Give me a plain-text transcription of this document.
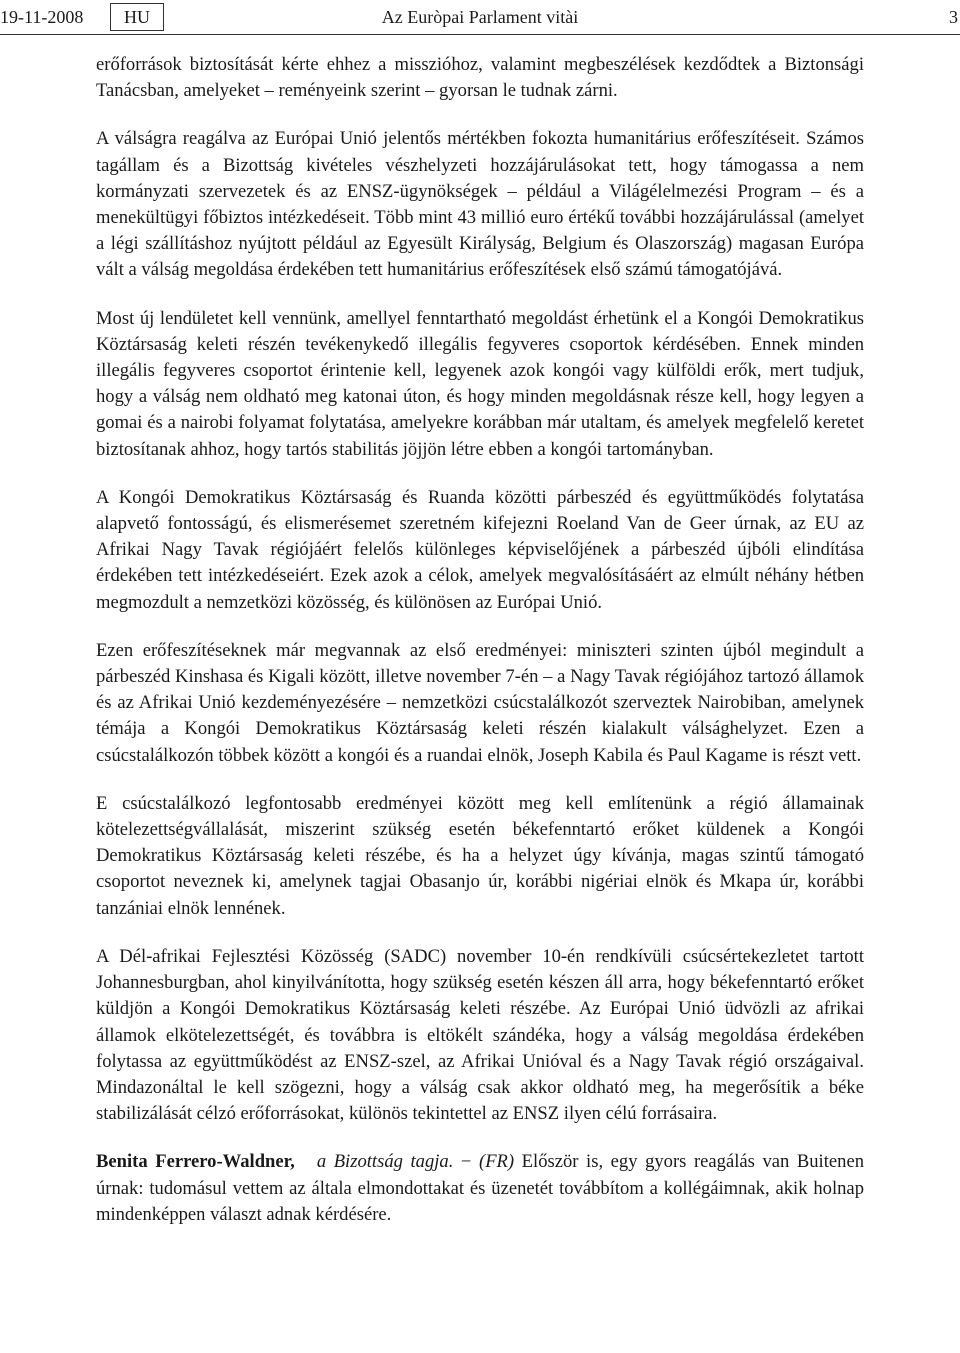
19-11-2008	HU	Az Euròpai Parlament vitài	3

erőforrások biztosítását kérte ehhez a misszióhoz, valamint megbeszélések kezdődtek a Biztonsági Tanácsban, amelyeket – reményeink szerint – gyorsan le tudnak zárni.

A válságra reagálva az Európai Unió jelentős mértékben fokozta humanitárius erőfeszítéseit. Számos tagállam és a Bizottság kivételes vészhelyzeti hozzájárulásokat tett, hogy támogassa a nem kormányzati szervezetek és az ENSZ-ügynökségek – például a Világélelmezési Program – és a menekültügyi főbiztos intézkedéseit. Több mint 43 millió euro értékű további hozzájárulással (amelyet a légi szállításhoz nyújtott például az Egyesült Királyság, Belgium és Olaszország) magasan Európa vált a válság megoldása érdekében tett humanitárius erőfeszítések első számú támogatójává.

Most új lendületet kell vennünk, amellyel fenntartható megoldást érhetünk el a Kongói Demokratikus Köztársaság keleti részén tevékenykedő illegális fegyveres csoportok kérdésében. Ennek minden illegális fegyveres csoportot érintenie kell, legyenek azok kongói vagy külföldi erők, mert tudjuk, hogy a válság nem oldható meg katonai úton, és hogy minden megoldásnak része kell, hogy legyen a gomai és a nairobi folyamat folytatása, amelyekre korábban már utaltam, és amelyek megfelelő keretet biztosítanak ahhoz, hogy tartós stabilitás jöjjön létre ebben a kongói tartományban.

A Kongói Demokratikus Köztársaság és Ruanda közötti párbeszéd és együttműködés folytatása alapvető fontosságú, és elismerésemet szeretném kifejezni Roeland Van de Geer úrnak, az EU az Afrikai Nagy Tavak régiójáért felelős különleges képviselőjének a párbeszéd újbóli elindítása érdekében tett intézkedéseiért. Ezek azok a célok, amelyek megvalósításáért az elmúlt néhány hétben megmozdult a nemzetközi közösség, és különösen az Európai Unió.

Ezen erőfeszítéseknek már megvannak az első eredményei: miniszteri szinten újból megindult a párbeszéd Kinshasa és Kigali között, illetve november 7-én – a Nagy Tavak régiójához tartozó államok és az Afrikai Unió kezdeményezésére – nemzetközi csúcstalálkozót szerveztek Nairobiban, amelynek témája a Kongói Demokratikus Köztársaság keleti részén kialakult válsághelyzet. Ezen a csúcstalálkozón többek között a kongói és a ruandai elnök, Joseph Kabila és Paul Kagame is részt vett.

E csúcstalálkozó legfontosabb eredményei között meg kell említenünk a régió államainak kötelezettségvállalását, miszerint szükség esetén békefenntartó erőket küldenek a Kongói Demokratikus Köztársaság keleti részébe, és ha a helyzet úgy kívánja, magas szintű támogató csoportot neveznek ki, amelynek tagjai Obasanjo úr, korábbi nigériai elnök és Mkapa úr, korábbi tanzániai elnök lennének.

A Dél-afrikai Fejlesztési Közösség (SADC) november 10-én rendkívüli csúcsértekezletet tartott Johannesburgban, ahol kinyilvánította, hogy szükség esetén készen áll arra, hogy békefenntartó erőket küldjön a Kongói Demokratikus Köztársaság keleti részébe. Az Európai Unió üdvözli az afrikai államok elkötelezettségét, és továbbra is eltökélt szándéka, hogy a válság megoldása érdekében folytassa az együttműködést az ENSZ-szel, az Afrikai Unióval és a Nagy Tavak régió országaival. Mindazonáltal le kell szögezni, hogy a válság csak akkor oldható meg, ha megerősítik a béke stabilizálását célzó erőforrásokat, különös tekintettel az ENSZ ilyen célú forrásaira.

Benita Ferrero-Waldner, a Bizottság tagja. − (FR) Először is, egy gyors reagálás van Buitenen úrnak: tudomásul vettem az általa elmondottakat és üzenetét továbbítom a kollégáimnak, akik holnap mindenképpen választ adnak kérdésére.
